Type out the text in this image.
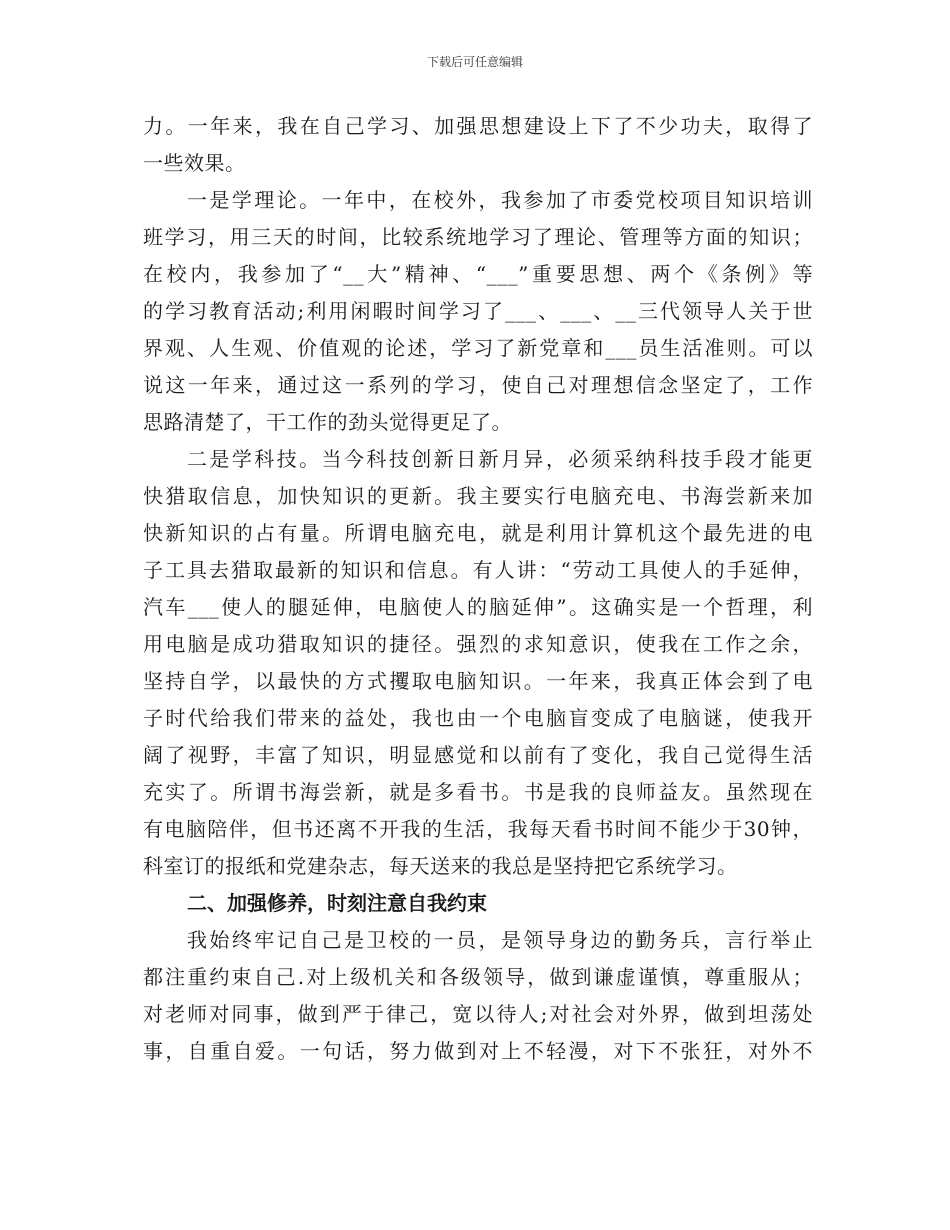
下载后可任意编辑
力。一年来，我在自己学习、加强思想建设上下了不少功夫，取得了
一些效果。
一是学理论。一年中，在校外，我参加了市委党校项目知识培训
班学习，用三天的时间，比较系统地学习了理论、管理等方面的知识；
在校内，我参加了“__大”精神、“___”重要思想、两个《条例》等
的学习教育活动;利用闲暇时间学习了___、___、__三代领导人关于世
界观、人生观、价值观的论述，学习了新党章和___员生活准则。可以
说这一年来，通过这一系列的学习，使自己对理想信念坚定了，工作
思路清楚了，干工作的劲头觉得更足了。
二是学科技。当今科技创新日新月异，必须采纳科技手段才能更
快猎取信息，加快知识的更新。我主要实行电脑充电、书海尝新来加
快新知识的占有量。所谓电脑充电，就是利用计算机这个最先进的电
子工具去猎取最新的知识和信息。有人讲：“劳动工具使人的手延伸，
汽车___使人的腿延伸，电脑使人的脑延伸”。这确实是一个哲理，利
用电脑是成功猎取知识的捷径。强烈的求知意识，使我在工作之余，
坚持自学，以最快的方式攫取电脑知识。一年来，我真正体会到了电
子时代给我们带来的益处，我也由一个电脑盲变成了电脑谜，使我开
阔了视野，丰富了知识，明显感觉和以前有了变化，我自己觉得生活
充实了。所谓书海尝新，就是多看书。书是我的良师益友。虽然现在
有电脑陪伴，但书还离不开我的生活，我每天看书时间不能少于30钟，
科室订的报纸和党建杂志，每天送来的我总是坚持把它系统学习。
二、加强修养，时刻注意自我约束
我始终牢记自己是卫校的一员，是领导身边的勤务兵，言行举止
都注重约束自己.对上级机关和各级领导，做到谦虚谨慎，尊重服从；
对老师对同事，做到严于律己，宽以待人;对社会对外界，做到坦荡处
事，自重自爱。一句话，努力做到对上不轻漫，对下不张狂，对外不
